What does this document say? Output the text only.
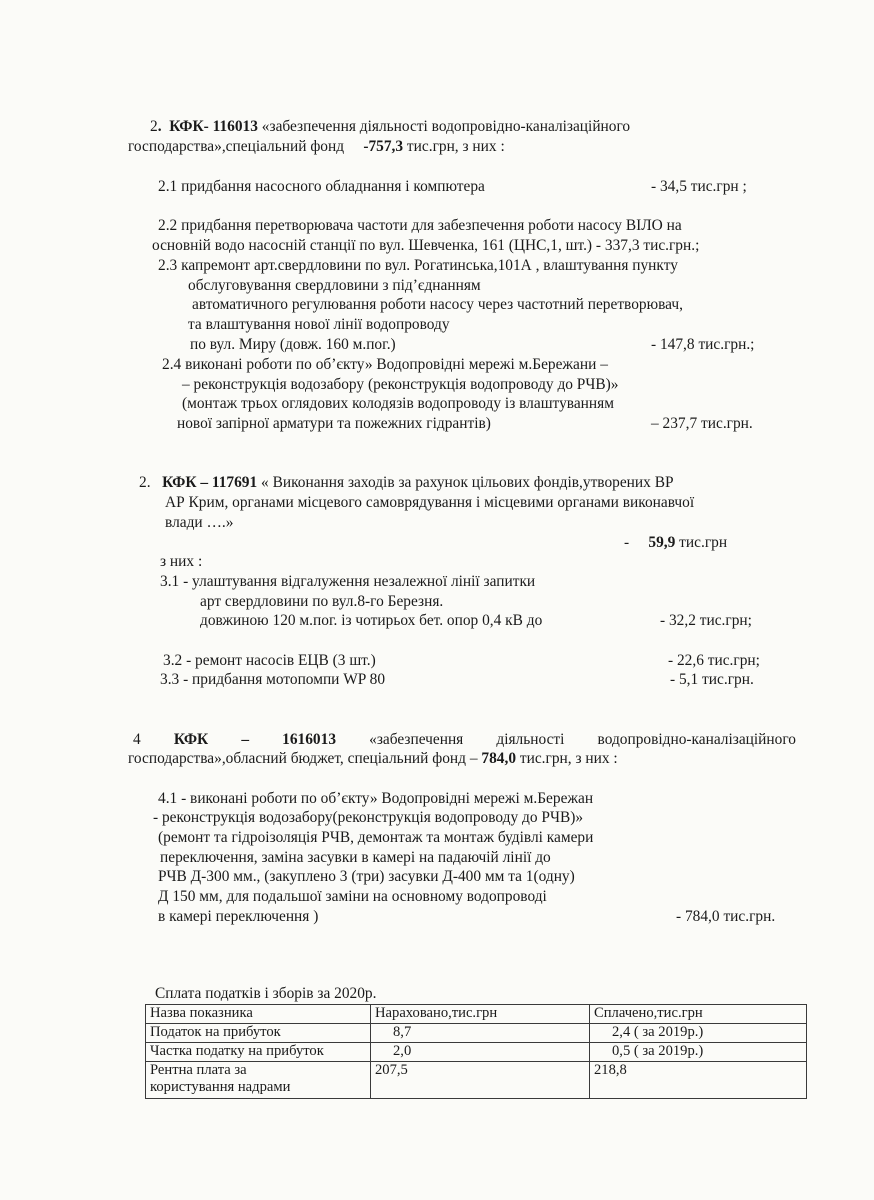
2.  КФК- 116013 «забезпечення діяльності водопровідно-каналізаційного
господарства»,спеціальний фонд -757,3 тис.грн, з них :
2.1 придбання насосного обладнання і компютера	- 34,5 тис.грн ;
2.2 придбання перетворювача частоти для забезпечення роботи насосу ВІЛО на
основній водо насосній станції по вул. Шевченка, 161 (ЦНС,1, шт.) - 337,3 тис.грн.;
2.3 капремонт арт.свердловини по вул. Рогатинська,101А , влаштування пункту
обслуговування свердловини з під’єднанням
автоматичного регулювання роботи насосу через частотний перетворювач,
та влаштування нової лінії водопроводу
по вул. Миру (довж. 160 м.пог.)	- 147,8 тис.грн.;
2.4 виконані роботи по об’єкту» Водопровідні мережі м.Бережани –
– реконструкція водозабору (реконструкція водопроводу до РЧВ)»
(монтаж трьох оглядових колодязів водопроводу із влаштуванням
нової запірної арматури та пожежних гідрантів)	– 237,7 тис.грн.
2. КФК – 117691 « Виконання заходів за рахунок цільових фондів,утворених ВР
АР Крим, органами місцевого самоврядування і місцевими органами виконавчої
влади ….»
- 59,9 тис.грн
з них :
3.1 - улаштування відгалуження незалежної лінії запитки
арт свердловини по вул.8-го Березня.
довжиною 120 м.пог. із чотирьох бет. опор 0,4 кВ до	- 32,2 тис.грн;
3.2 - ремонт насосів ЕЦВ (3 шт.)	- 22,6 тис.грн;
3.3 - придбання мотопомпи WP 80	- 5,1 тис.грн.
4 КФК – 1616013 «забезпечення діяльності водопровідно-каналізаційного
господарства»,обласний бюджет, спеціальний фонд – 784,0 тис.грн, з них :
4.1 - виконані роботи по об’єкту» Водопровідні мережі м.Бережан
- реконструкція водозабору(реконструкція водопроводу до РЧВ)»
(ремонт та гідроізоляція РЧВ, демонтаж та монтаж будівлі камери
переключення, заміна засувки в камері на падаючій лінії до
РЧВ Д-300 мм., (закуплено 3 (три) засувки Д-400 мм та 1(одну)
Д 150 мм, для подальшої заміни на основному водопроводі
в камері переключення )	- 784,0 тис.грн.
Сплата податків і зборів за 2020р.
Назва показника	Нараховано,тис.грн	Сплачено,тис.грн
Податок на прибуток	8,7	2,4 ( за 2019р.)
Частка податку на прибуток	2,0	0,5 ( за 2019р.)

Рентна плата за
користування надрами	207,5	218,8
